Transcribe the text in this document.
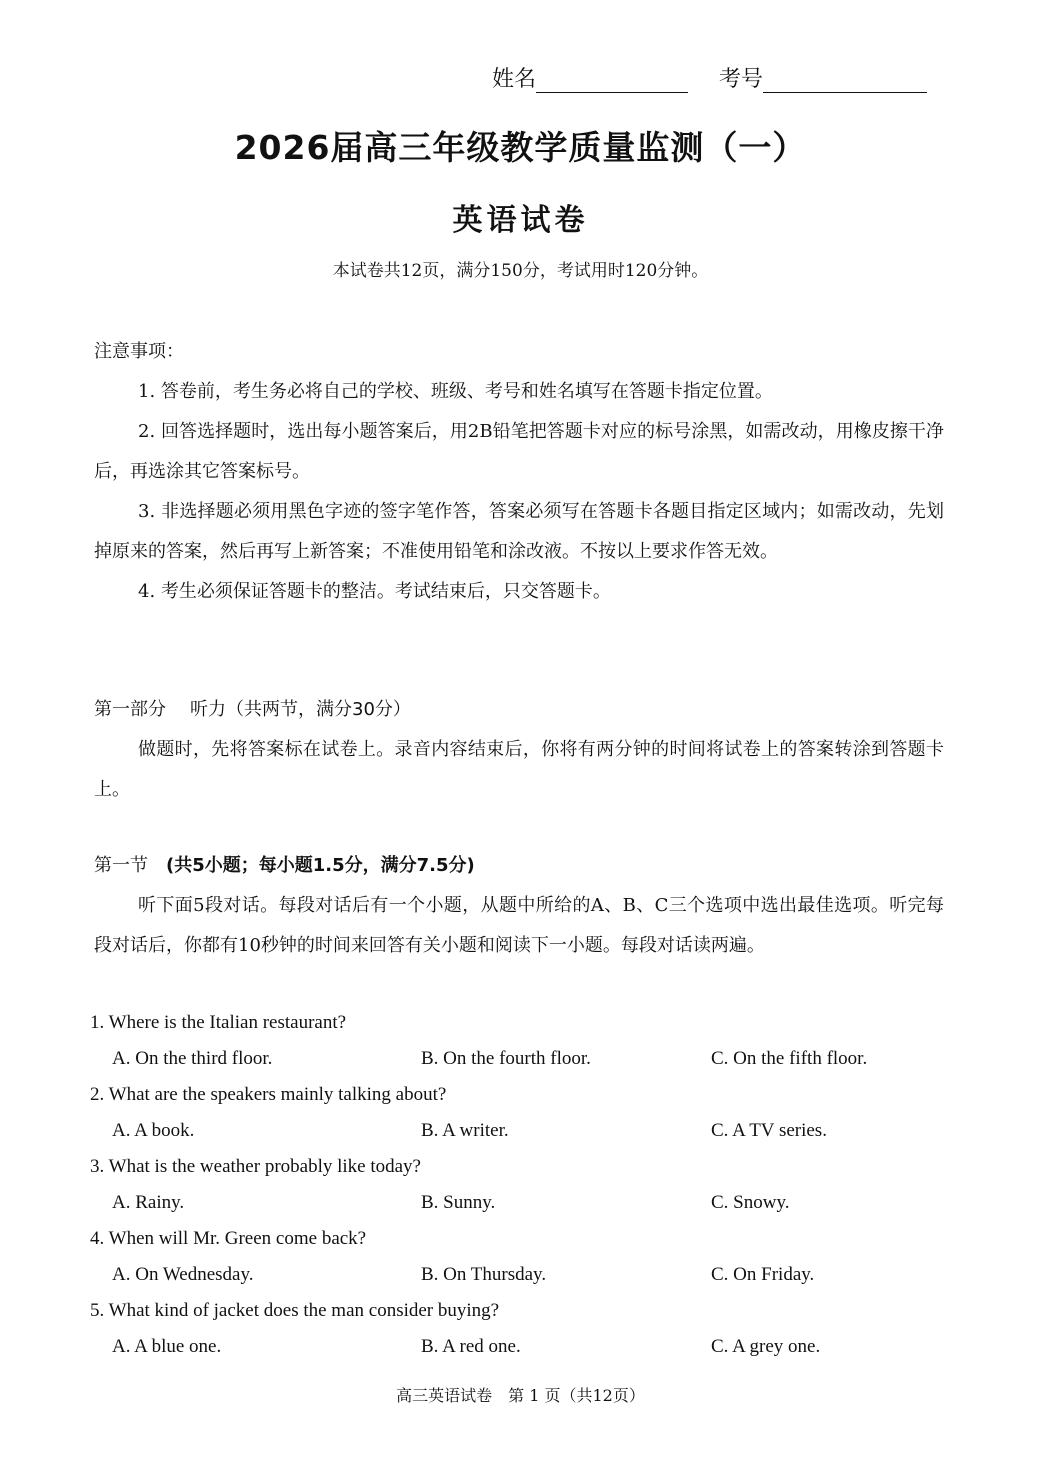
姓名	考号
2026届高三年级教学质量监测（一）
英语试卷
本试卷共12页，满分150分，考试用时120分钟。

注意事项：

1. 答卷前，考生务必将自己的学校、班级、考号和姓名填写在答题卡指定位置。

2. 回答选择题时，选出每小题答案后，用2B铅笔把答题卡对应的标号涂黑，如需改动，用橡皮擦干净后，再选涂其它答案标号。

3. 非选择题必须用黑色字迹的签字笔作答，答案必须写在答题卡各题目指定区域内；如需改动，先划掉原来的答案，然后再写上新答案；不准使用铅笔和涂改液。不按以上要求作答无效。

4. 考生必须保证答题卡的整洁。考试结束后，只交答题卡。

第一部分 听力（共两节，满分30分）

做题时，先将答案标在试卷上。录音内容结束后，你将有两分钟的时间将试卷上的答案转涂到答题卡上。

第一节 (共5小题；每小题1.5分，满分7.5分)

听下面5段对话。每段对话后有一个小题，从题中所给的A、B、C三个选项中选出最佳选项。听完每段对话后，你都有10秒钟的时间来回答有关小题和阅读下一小题。每段对话读两遍。

1. Where is the Italian restaurant?
A. On the third floor.	B. On the fourth floor.	C. On the fifth floor.
2. What are the speakers mainly talking about?
A. A book.	B. A writer.	C. A TV series.
3. What is the weather probably like today?
A. Rainy.	B. Sunny.	C. Snowy.
4. When will Mr. Green come back?
A. On Wednesday.	B. On Thursday.	C. On Friday.
5. What kind of jacket does the man consider buying?
A. A blue one.	B. A red one.	C. A grey one.
高三英语试卷　第 1 页（共12页）
